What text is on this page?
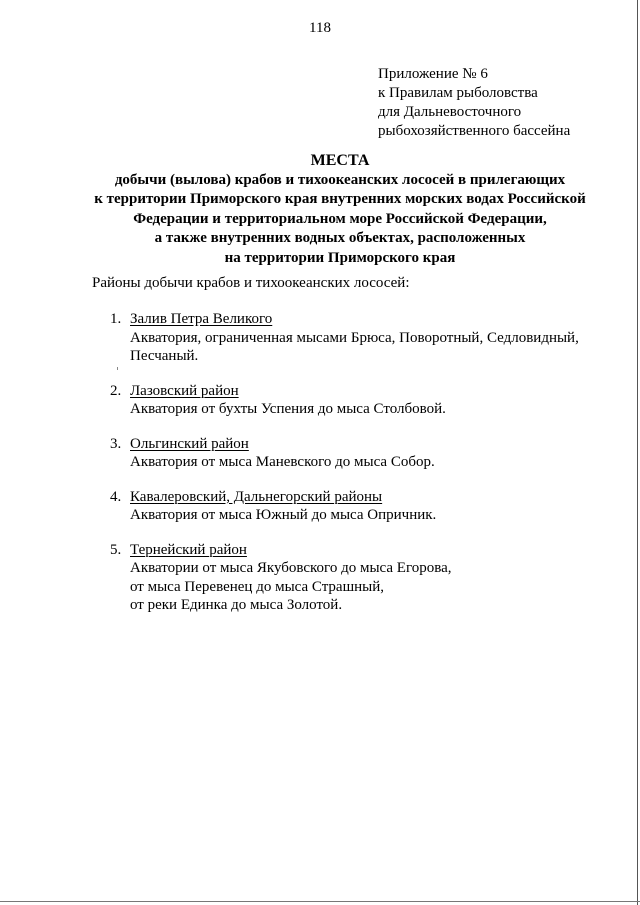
118
Приложение № 6
к Правилам рыболовства
для Дальневосточного
рыбохозяйственного бассейна
МЕСТА
добычи (вылова) крабов и тихоокеанских лососей в прилегающих
к территории Приморского края внутренних морских водах Российской
Федерации и территориальном море Российской Федерации,
а также внутренних водных объектах, расположенных
на территории Приморского края
Районы добычи крабов и тихоокеанских лососей:
1. Залив Петра Великого
Акватория, ограниченная мысами Брюса, Поворотный, Седловидный,
Песчаный.
2. Лазовский район
Акватория от бухты Успения до мыса Столбовой.
3. Ольгинский район
Акватория от мыса Маневского до мыса Собор.
4. Кавалеровский, Дальнегорский районы
Акватория от мыса Южный до мыса Опричник.
5. Тернейский район
Акватории от мыса Якубовского до мыса Егорова,
от мыса Перевенец до мыса Страшный,
от реки Единка до мыса Золотой.
